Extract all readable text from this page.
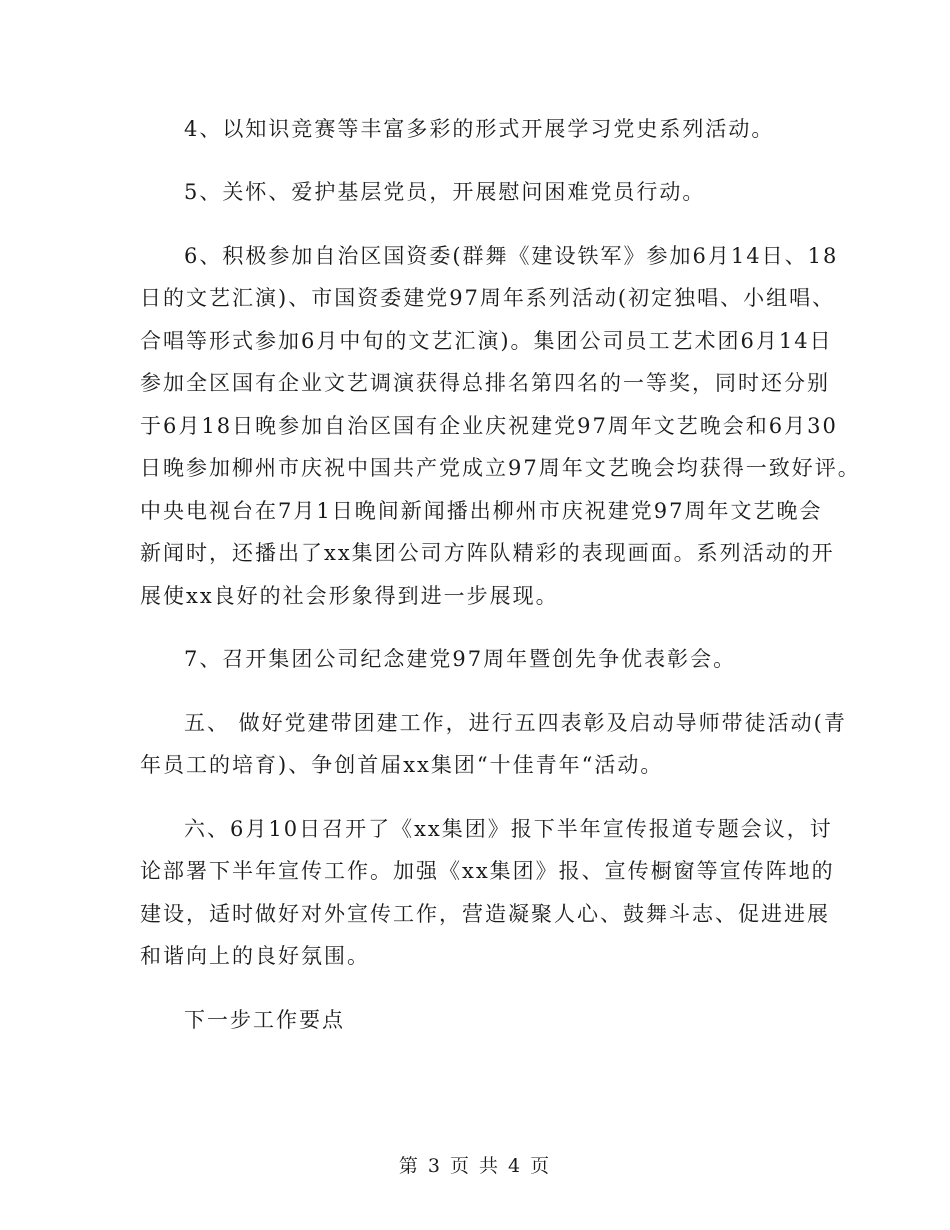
4、以知识竞赛等丰富多彩的形式开展学习党史系列活动。
5、关怀、爱护基层党员，开展慰问困难党员行动。
6、积极参加自治区国资委(群舞《建设铁军》参加6月14日、18
日的文艺汇演)、市国资委建党97周年系列活动(初定独唱、小组唱、
合唱等形式参加6月中旬的文艺汇演)。集团公司员工艺术团6月14日
参加全区国有企业文艺调演获得总排名第四名的一等奖，同时还分别
于6月18日晚参加自治区国有企业庆祝建党97周年文艺晚会和6月30
日晚参加柳州市庆祝中国共产党成立97周年文艺晚会均获得一致好评。
中央电视台在7月1日晚间新闻播出柳州市庆祝建党97周年文艺晚会
新闻时，还播出了xx集团公司方阵队精彩的表现画面。系列活动的开
展使xx良好的社会形象得到进一步展现。
7、召开集团公司纪念建党97周年暨创先争优表彰会。
五、 做好党建带团建工作，进行五四表彰及启动导师带徒活动(青
年员工的培育)、争创首届xx集团“十佳青年“活动。
六、6月10日召开了《xx集团》报下半年宣传报道专题会议，讨
论部署下半年宣传工作。加强《xx集团》报、宣传橱窗等宣传阵地的
建设，适时做好对外宣传工作，营造凝聚人心、鼓舞斗志、促进进展
和谐向上的良好氛围。
下一步工作要点
第 3 页 共 4 页
